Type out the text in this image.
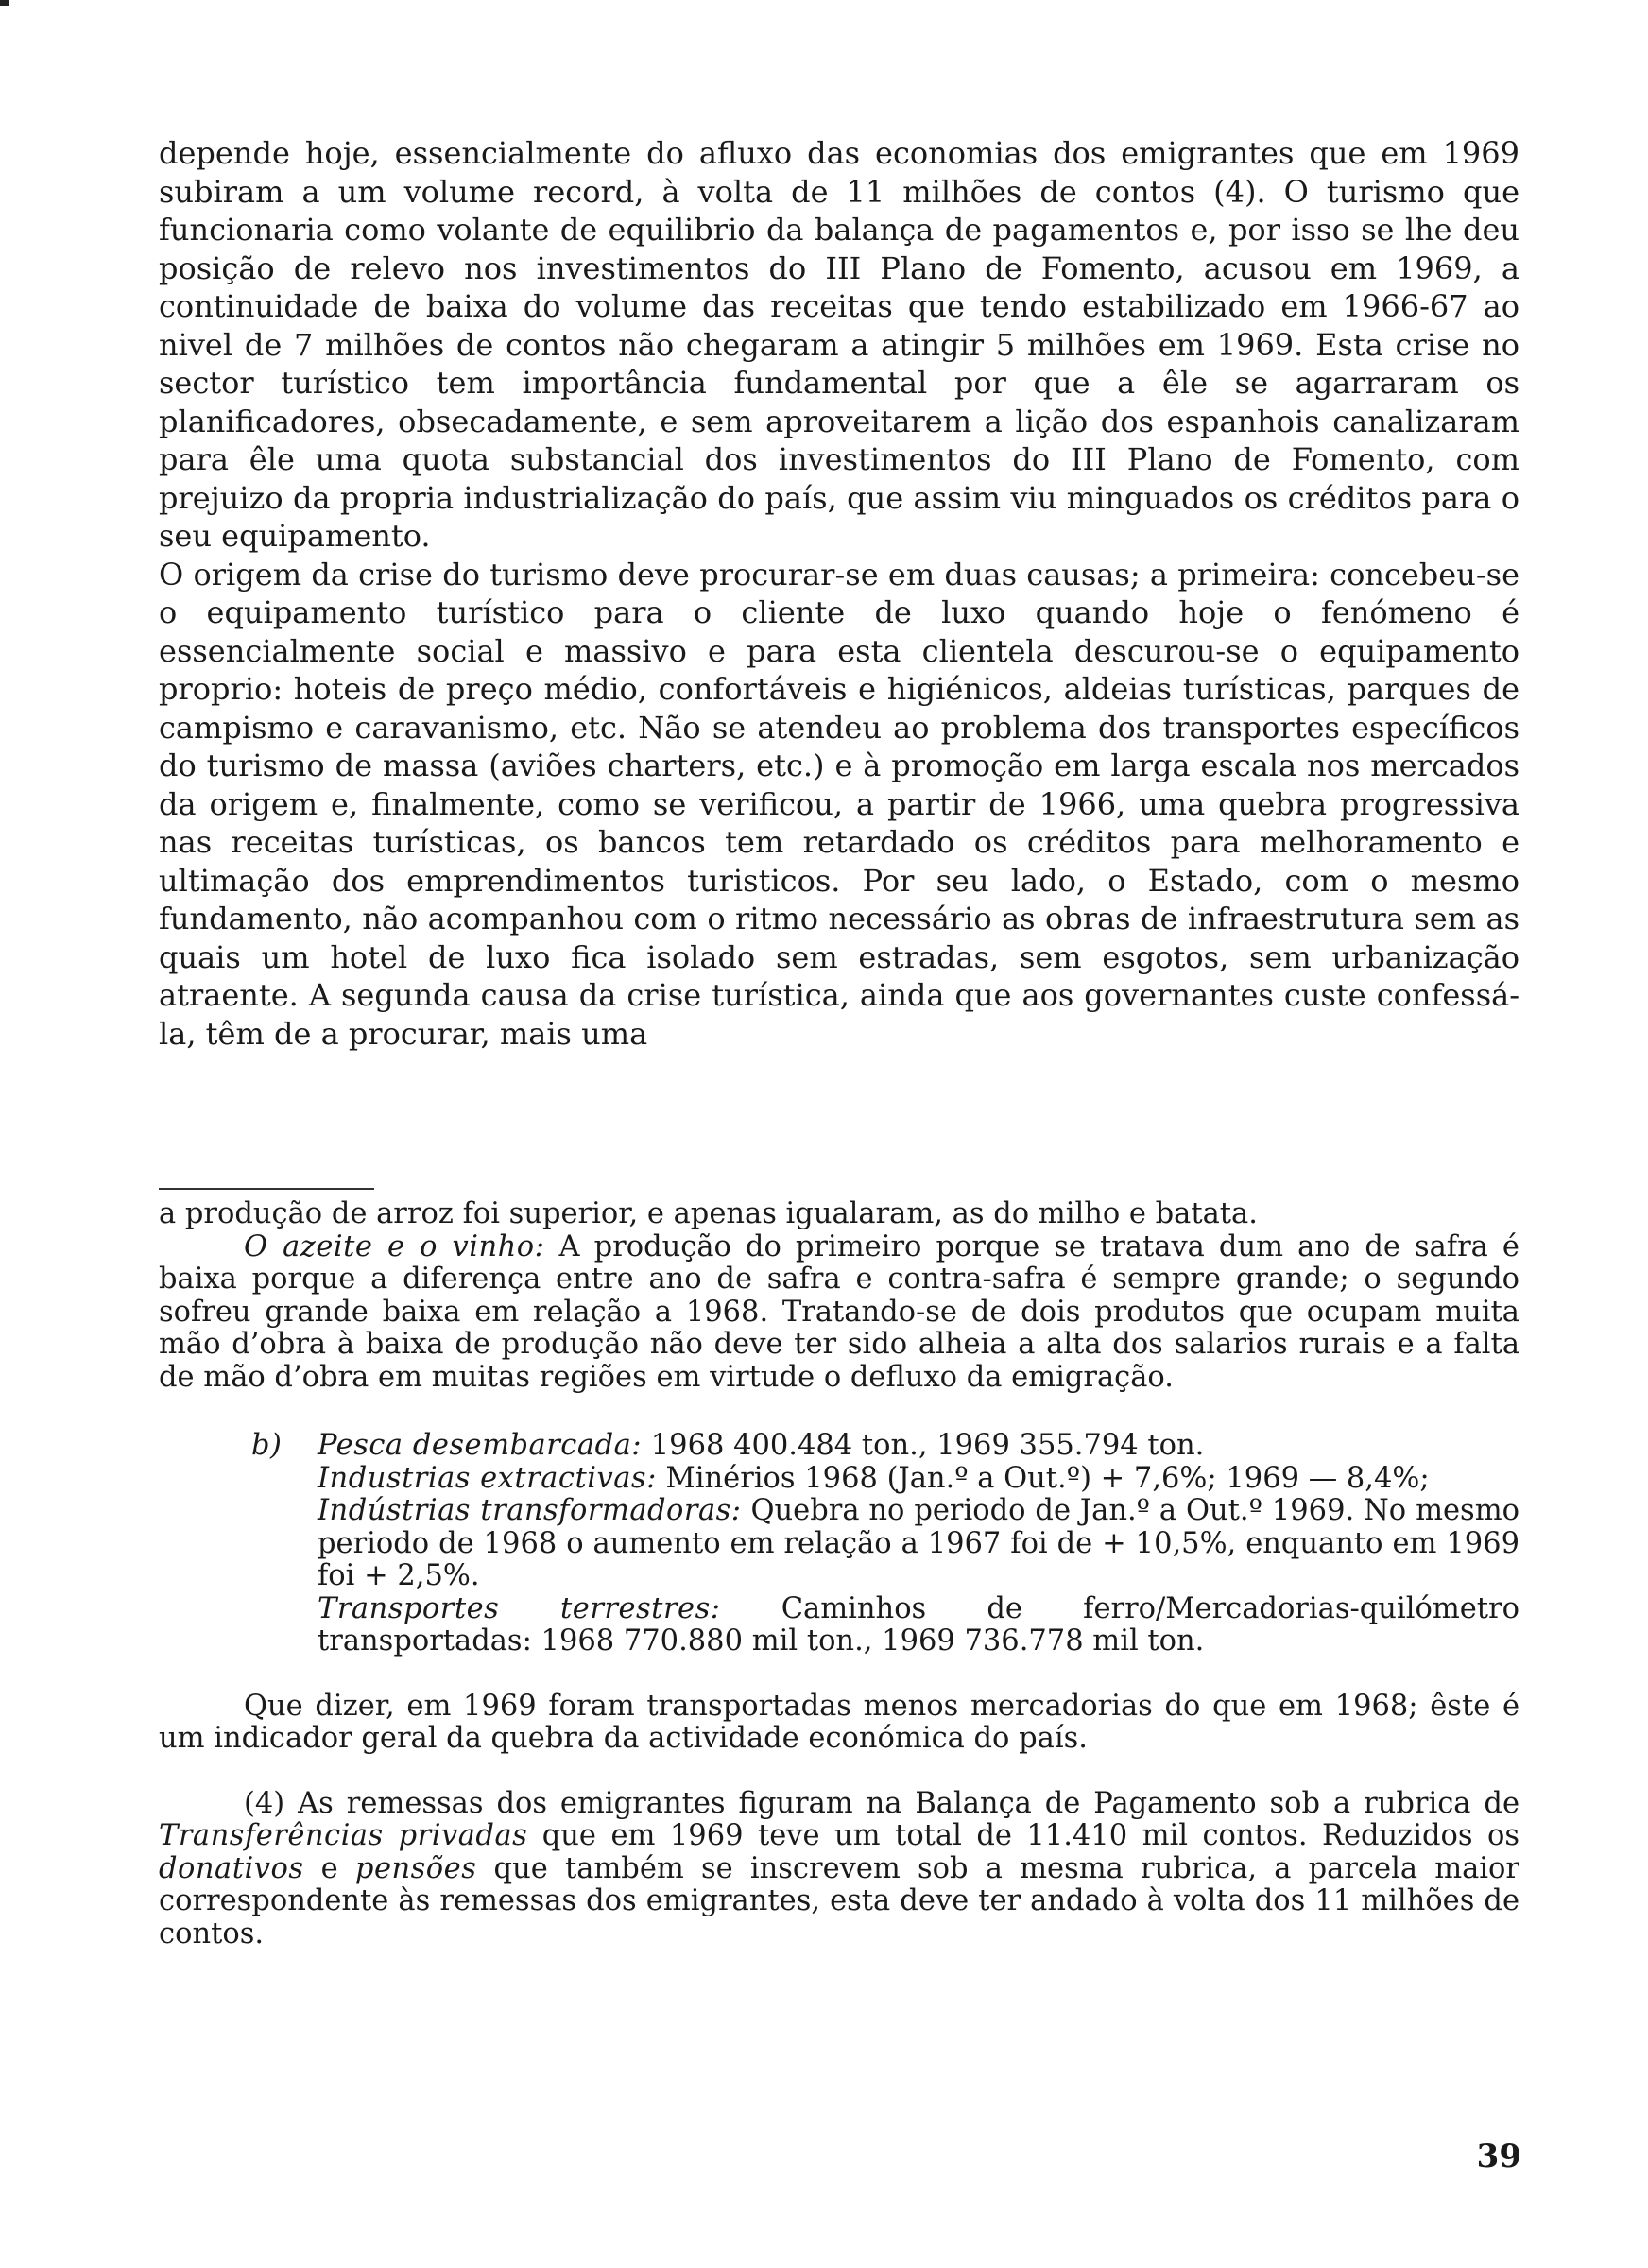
depende hoje, essencialmente do afluxo das economias dos emigrantes que em 1969 subiram a um volume record, à volta de 11 milhões de contos (4). O turismo que funcionaria como volante de equilibrio da balança de pagamentos e, por isso se lhe deu posição de relevo nos investimentos do III Plano de Fomento, acusou em 1969, a continuidade de baixa do volume das receitas que tendo estabilizado em 1966-67 ao nivel de 7 milhões de contos não chegaram a atingir 5 milhões em 1969. Esta crise no sector turístico tem importância fundamental por que a êle se agarraram os planificadores, obsecadamente, e sem aproveitarem a lição dos espanhois canalizaram para êle uma quota substancial dos investimentos do III Plano de Fomento, com prejuizo da propria industrialização do país, que assim viu minguados os créditos para o seu equipamento.

O origem da crise do turismo deve procurar-se em duas causas; a primeira: concebeu-se o equipamento turístico para o cliente de luxo quando hoje o fenómeno é essencialmente social e massivo e para esta clientela descurou-se o equipamento proprio: hoteis de preço médio, confortáveis e higiénicos, aldeias turísticas, parques de campismo e caravanismo, etc. Não se atendeu ao problema dos transportes específicos do turismo de massa (aviões charters, etc.) e à promoção em larga escala nos mercados da origem e, finalmente, como se verificou, a partir de 1966, uma quebra progressiva nas receitas turísticas, os bancos tem retardado os créditos para melhoramento e ultimação dos emprendimentos turisticos. Por seu lado, o Estado, com o mesmo fundamento, não acompanhou com o ritmo necessário as obras de infraestrutura sem as quais um hotel de luxo fica isolado sem estradas, sem esgotos, sem urbanização atraente. A segunda causa da crise turística, ainda que aos governantes custe confessá-la, têm de a procurar, mais uma

a produção de arroz foi superior, e apenas igualaram, as do milho e batata.

O azeite e o vinho: A produção do primeiro porque se tratava dum ano de safra é baixa porque a diferença entre ano de safra e contra-safra é sempre grande; o segundo sofreu grande baixa em relação a 1968. Tratando-se de dois produtos que ocupam muita mão d’obra à baixa de produção não deve ter sido alheia a alta dos salarios rurais e a falta de mão d’obra em muitas regiões em virtude o defluxo da emigração.

b) Pesca desembarcada: 1968 400.484 ton., 1969 355.794 ton.
Industrias extractivas: Minérios 1968 (Jan.º a Out.º) + 7,6%; 1969 — 8,4%;
Indústrias transformadoras: Quebra no periodo de Jan.º a Out.º 1969. No mesmo periodo de 1968 o aumento em relação a 1967 foi de + 10,5%, enquanto em 1969 foi + 2,5%.
Transportes terrestres: Caminhos de ferro/Mercadorias-quilómetro transportadas: 1968 770.880 mil ton., 1969 736.778 mil ton.

Que dizer, em 1969 foram transportadas menos mercadorias do que em 1968; êste é um indicador geral da quebra da actividade económica do país.

(4) As remessas dos emigrantes figuram na Balança de Pagamento sob a rubrica de Transferências privadas que em 1969 teve um total de 11.410 mil contos. Reduzidos os donativos e pensões que também se inscrevem sob a mesma rubrica, a parcela maior correspondente às remessas dos emigrantes, esta deve ter andado à volta dos 11 milhões de contos.

39
